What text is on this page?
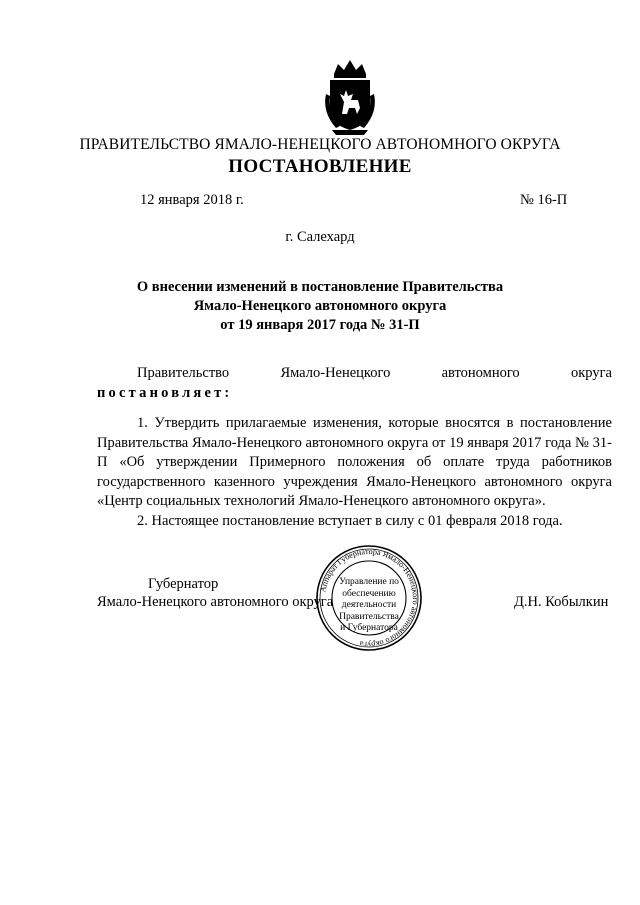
ПРАВИТЕЛЬСТВО ЯМАЛО-НЕНЕЦКОГО АВТОНОМНОГО ОКРУГА
ПОСТАНОВЛЕНИЕ
12 января 2018 г.	№ 16-П
г. Салехард
О внесении изменений в постановление Правительства
Ямало-Ненецкого автономного округа
от 19 января 2017 года № 31-П
Правительство	Ямало-Ненецкого	автономного	округа
постановляет:

1. Утвердить прилагаемые изменения, которые вносятся в постановление Правительства Ямало-Ненецкого автономного округа от 19 января 2017 года № 31-П «Об утверждении Примерного положения об оплате труда работников государственного казенного учреждения Ямало-Ненецкого автономного округа «Центр социальных технологий Ямало-Ненецкого автономного округа».

2. Настоящее постановление вступает в силу с 01 февраля 2018 года.

Губернатор
Ямало-Ненецкого автономного округа	Д.Н. Кобылкин
Аппарат Губернатора Ямало-Ненецкого автономного округа
Управление по
обеспечению
деятельности
Правительства
и Губернатора
